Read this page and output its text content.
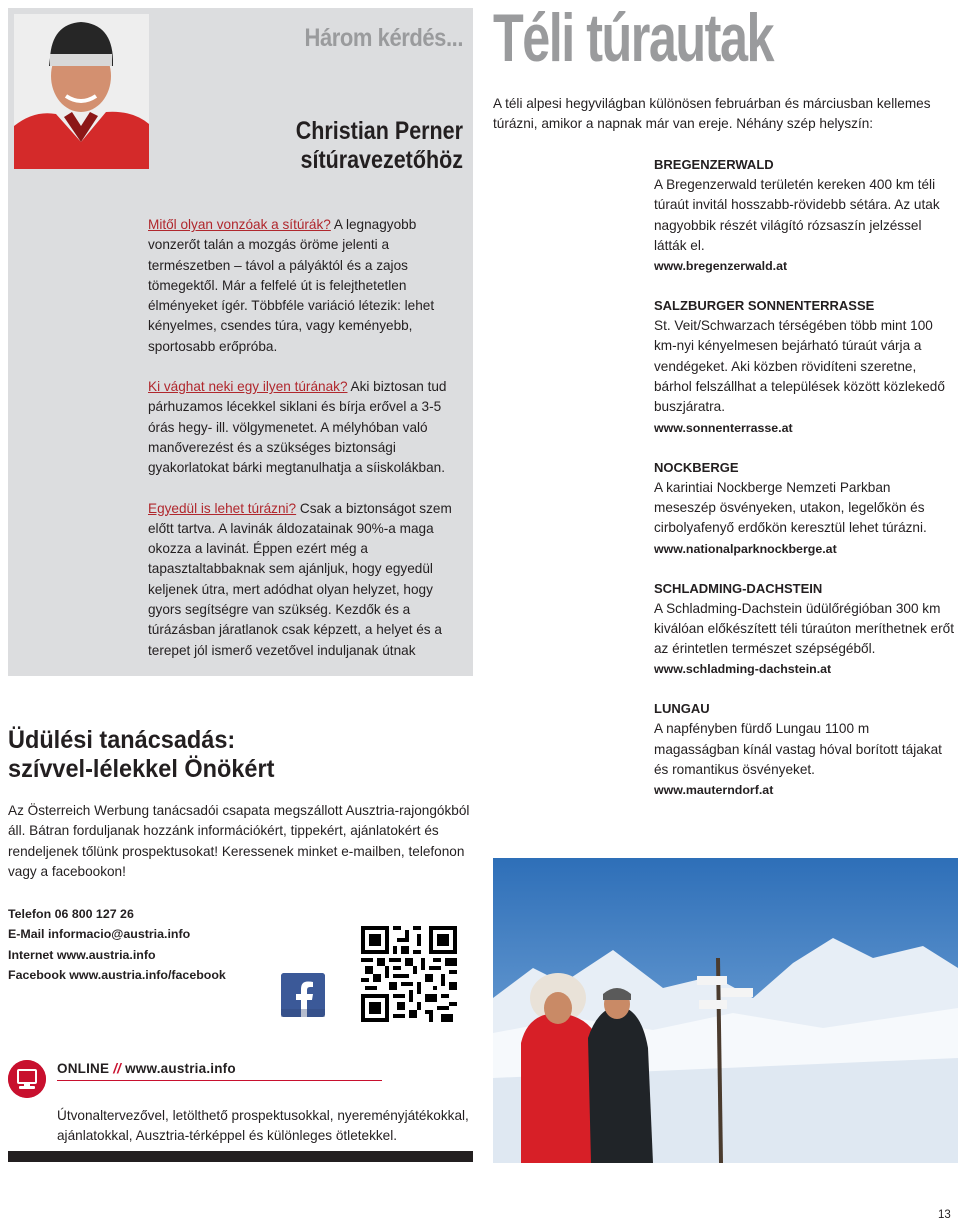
Három kérdés...
Christian Perner
sítúravezetőhöz

Mitől olyan vonzóak a sítúrák? A legnagyobb vonzerőt talán a mozgás öröme jelenti a természetben – távol a pályáktól és a zajos tömegektől. Már a felfelé út is felejthetetlen élményeket ígér. Többféle variáció létezik: lehet kényelmes, csendes túra, vagy keményebb, sportosabb erőpróba.

Ki vághat neki egy ilyen túrának? Aki biztosan tud párhuzamos lécekkel siklani és bírja erővel a 3-5 órás hegy- ill. völgymenetet. A mélyhóban való manőverezést és a szükséges biztonsági gyakorlatokat bárki megtanulhatja a síiskolákban.

Egyedül is lehet túrázni? Csak a biztonságot szem előtt tartva. A lavinák áldozatainak 90%-a maga okozza a lavinát. Éppen ezért még a tapasztaltabbaknak sem ajánljuk, hogy egyedül keljenek útra, mert adódhat olyan helyzet, hogy gyors segítségre van szükség. Kezdők és a túrázásban járatlanok csak képzett, a helyet és a terepet jól ismerő vezetővel induljanak útnak

Téli túrautak
A téli alpesi hegyvilágban különösen februárban és márciusban kellemes túrázni, amikor a napnak már van ereje. Néhány szép helyszín:
BREGENZERWALD
A Bregenzerwald területén kereken 400 km téli túraút invitál hosszabb-rövidebb sétára. Az utak nagyobbik részét világító rózsaszín jelzéssel látták el.
www.bregenzerwald.at
SALZBURGER SONNENTERRASSE
St. Veit/Schwarzach térségében több mint 100 km-nyi kényelmesen bejárható túraút várja a vendégeket. Aki közben rövidíteni szeretne, bárhol felszállhat a települések között közlekedő buszjáratra.
www.sonnenterrasse.at
NOCKBERGE
A karintiai Nockberge Nemzeti Parkban meseszép ösvényeken, utakon, legelőkön és cirbolyafenyő erdőkön keresztül lehet túrázni.
www.nationalparknockberge.at
SCHLADMING-DACHSTEIN
A Schladming-Dachstein üdülőrégióban 300 km kiválóan előkészített téli túraúton meríthetnek erőt az érintetlen természet szépségéből.
www.schladming-dachstein.at
LUNGAU
A napfényben fürdő Lungau 1100 m magasságban kínál vastag hóval borított tájakat és romantikus ösvényeket.
www.mauterndorf.at
Üdülési tanácsadás:
szívvel-lélekkel Önökért
Az Österreich Werbung tanácsadói csapata megszállott Ausztria-rajongókból áll. Bátran forduljanak hozzánk információkért, tippekért, ajánlatokért és rendeljenek tőlünk prospektusokat! Keressenek minket e-mailben, telefonon vagy a facebookon!
Telefon 06 800 127 26
E-Mail informacio@austria.info
Internet www.austria.info
Facebook www.austria.info/facebook
ONLINE // www.austria.info
Útvonaltervezővel, letölthető prospektusokkal, nyereményjátékokkal, ajánlatokkal, Ausztria-térképpel és különleges ötletekkel.
13
